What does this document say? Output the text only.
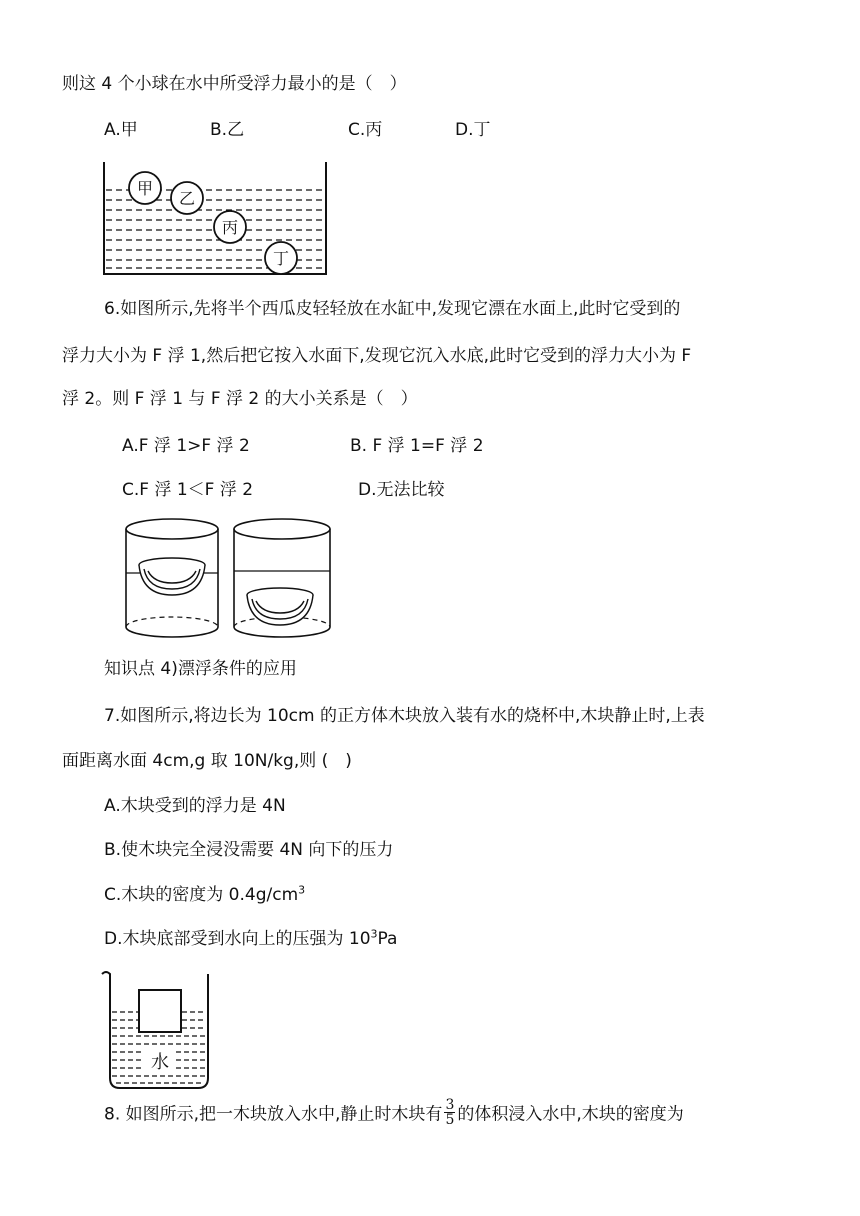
则这 4 个小球在水中所受浮力最小的是（　）
A.甲	B.乙	C.丙	D.丁
甲
乙
丙
丁
6.如图所示,先将半个西瓜皮轻轻放在水缸中,发现它漂在水面上,此时它受到的
浮力大小为 F 浮 1,然后把它按入水面下,发现它沉入水底,此时它受到的浮力大小为 F
浮 2。则 F 浮 1 与 F 浮 2 的大小关系是（　）
A.F 浮 1>F 浮 2	B. F 浮 1=F 浮 2
C.F 浮 1＜F 浮 2	D.无法比较
知识点 4)漂浮条件的应用
7.如图所示,将边长为 10cm 的正方体木块放入装有水的烧杯中,木块静止时,上表
面距离水面 4cm,g 取 10N/kg,则 (　)
A.木块受到的浮力是 4N
B.使木块完全浸没需要 4N 向下的压力
C.木块的密度为 $0.4g/cm^3$
D.木块底部受到水向上的压强为 $10^3Pa$
水
8. 如图所示,把一木块放入水中,静止时木块有 $\frac{3}{5}$ 的体积浸入水中,木块的密度为
